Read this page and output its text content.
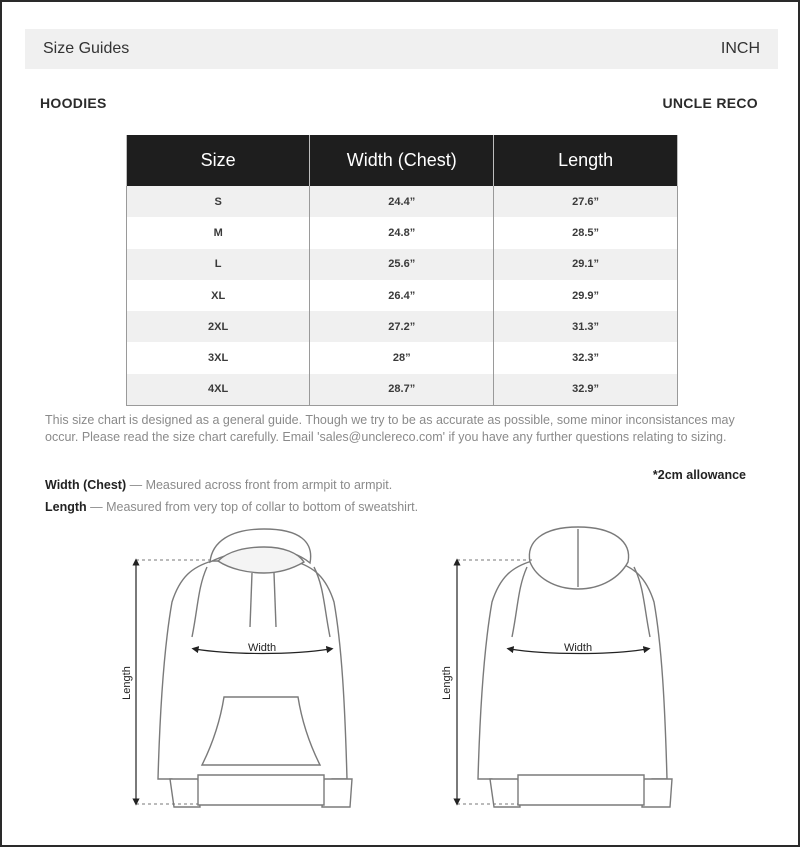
Size Guides	INCH
HOODIES	UNCLE RECO
Size	Width (Chest)	Length
S	24.4”	27.6”
M	24.8”	28.5”
L	25.6”	29.1”
XL	26.4”	29.9”
2XL	27.2”	31.3”
3XL	28”	32.3”
4XL	28.7”	32.9”
This size chart is designed as a general guide. Though we try to be as accurate as possible, some minor inconsistances may occur. Please read the size chart carefully. Email 'sales@unclereco.com' if you have any further questions relating to sizing.
*2cm allowance
Width (Chest) — Measured across front from armpit to armpit.
Length — Measured from very top of collar to bottom of sweatshirt.
Length
Width
Length
Width
